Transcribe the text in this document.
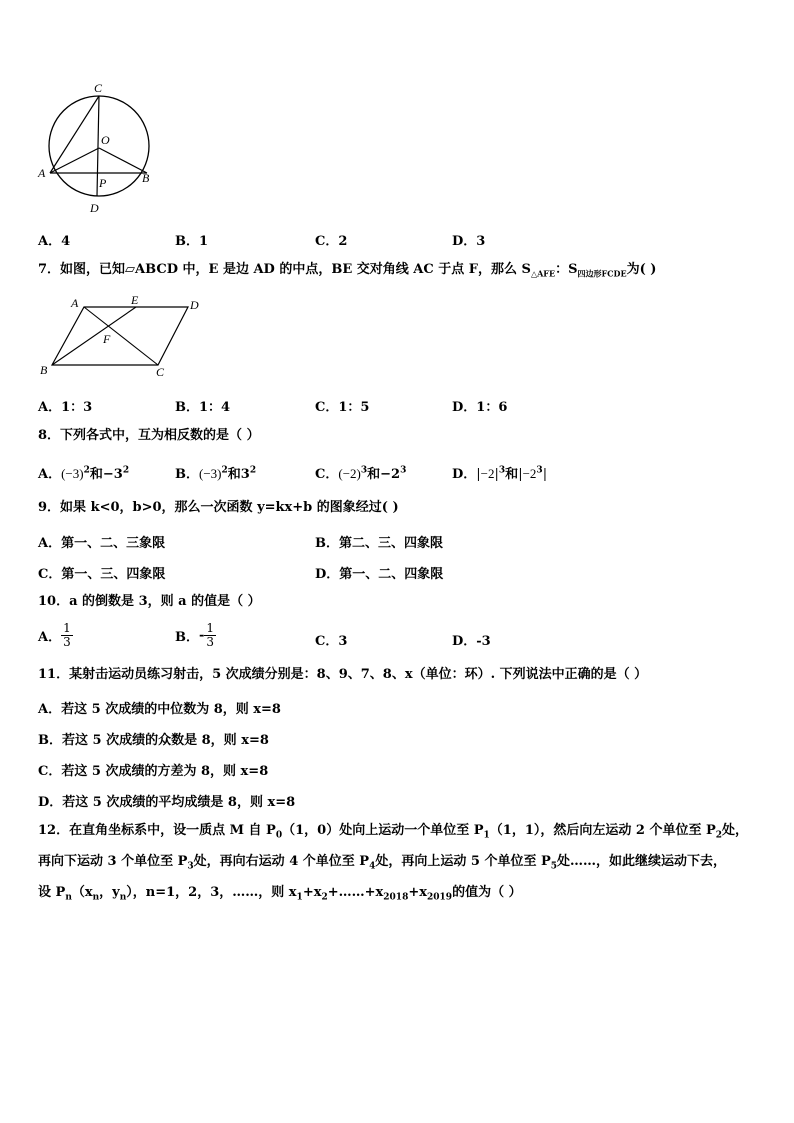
C
O
A	B
P
D
A．4	B．1	C．2	D．3
7．如图，已知▱ABCD 中，E 是边 AD 的中点，BE 交对角线 AC 于点 F，那么 $S_{\triangle AFE}$：$S_{四边形FCDE}$为( )
A	E	D
F
B	C
A．1：3	B．1：4	C．1：5	D．1：6
8．下列各式中，互为相反数的是（ ）
A．$(-3)^2$和$-3^2$	B．$(-3)^2$和$3^2$	C．$(-2)^3$和$-2^3$	D．$|-2|^3$和$|-2^3|$
9．如果 k<0，b>0，那么一次函数 y=kx+b 的图象经过( )
A．第一、二、三象限	B．第二、三、四象限
C．第一、三、四象限	D．第一、二、四象限
10．a 的倒数是 3，则 a 的值是（ ）
A． $\frac{1}{3}$	B．- $\frac{1}{3}$	C．3	D．-3
11．某射击运动员练习射击，5 次成绩分别是：8、9、7、8、x（单位：环）. 下列说法中正确的是（ ）
A．若这 5 次成绩的中位数为 8，则 x=8
B．若这 5 次成绩的众数是 8，则 x=8
C．若这 5 次成绩的方差为 8，则 x=8
D．若这 5 次成绩的平均成绩是 8，则 x=8
12．在直角坐标系中，设一质点 M 自 $P_0(1$，0）处向上运动一个单位至 $P_1(1$，1），然后向左运动 2 个单位至 $P_2$处，
再向下运动 3 个单位至 $P_3$处，再向右运动 4 个单位至 $P_4$处，再向上运动 5 个单位至 $P_5$处……，如此继续运动下去，
设 $P_n(x_n$，$y_n$），n=1，2，3，……，则 $x_1+x_2+\dots\dots+x_{2018}+x_{2019}$的值为（ ）
